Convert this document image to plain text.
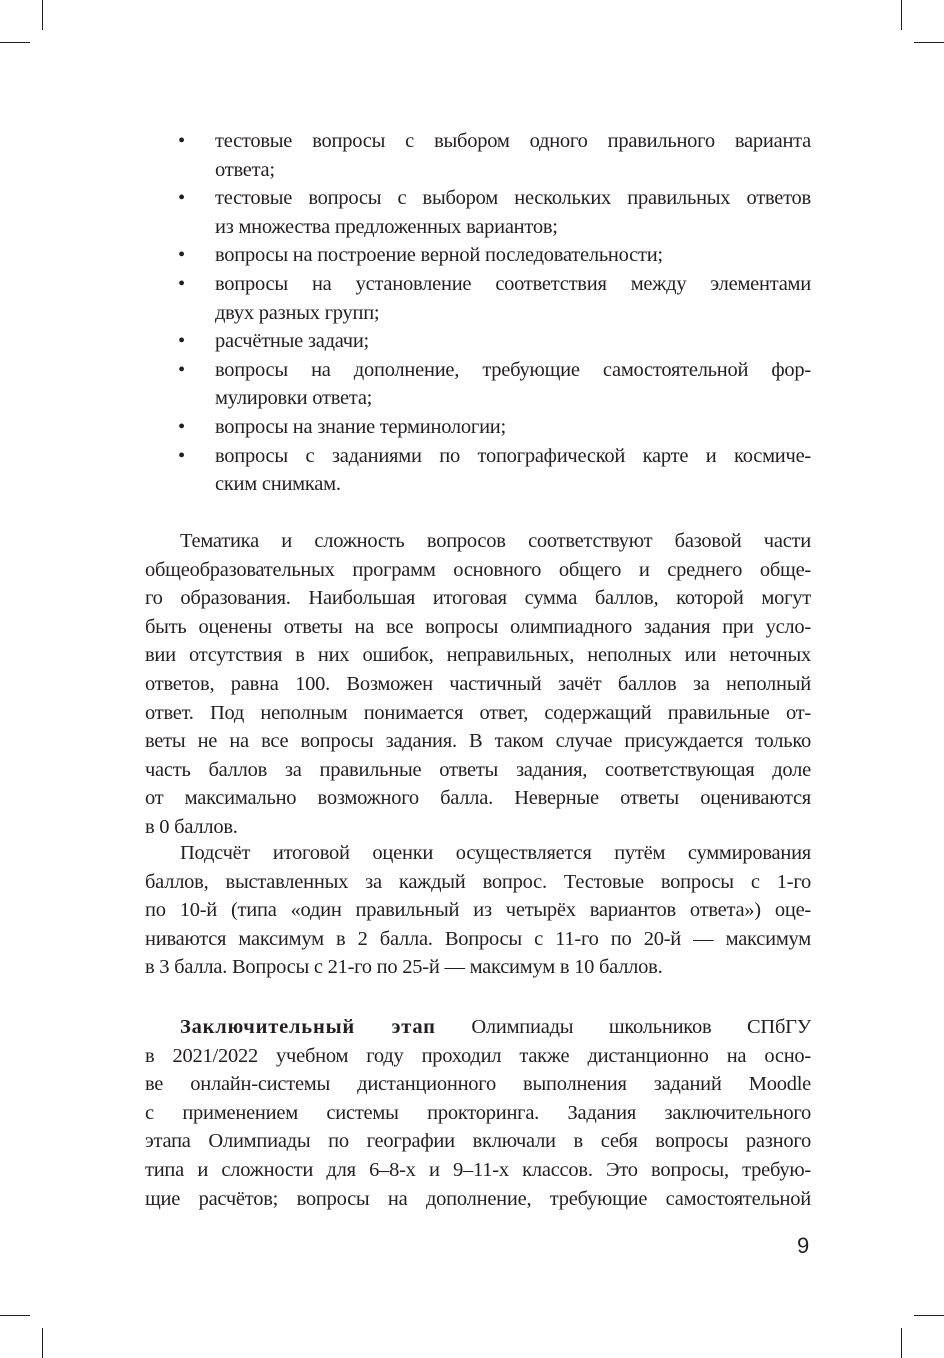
• тестовые вопросы с выбором одного правильного варианта
ответа;
• тестовые вопросы с выбором нескольких правильных ответов
из множества предложенных вариантов;
• вопросы на построение верной последовательности;
• вопросы на установление соответствия между элементами
двух разных групп;
• расчётные задачи;
• вопросы на дополнение, требующие самостоятельной фор-
мулировки ответа;
• вопросы на знание терминологии;
• вопросы с заданиями по топографической карте и космиче-
ским снимкам.
Тематика и сложность вопросов соответствуют базовой части
общеобразовательных программ основного общего и среднего обще-
го образования. Наибольшая итоговая сумма баллов, которой могут
быть оценены ответы на все вопросы олимпиадного задания при усло-
вии отсутствия в них ошибок, неправильных, неполных или неточных
ответов, равна 100. Возможен частичный зачёт баллов за неполный
ответ. Под неполным понимается ответ, содержащий правильные от-
веты не на все вопросы задания. В таком случае присуждается только
часть баллов за правильные ответы задания, соответствующая доле
от максимально возможного балла. Неверные ответы оцениваются
в 0 баллов.
Подсчёт итоговой оценки осуществляется путём суммирования
баллов, выставленных за каждый вопрос. Тестовые вопросы с 1-го
по 10-й (типа «один правильный из четырёх вариантов ответа») оце-
ниваются максимум в 2 балла. Вопросы с 11-го по 20-й — максимум
в 3 балла. Вопросы с 21-го по 25-й — максимум в 10 баллов.
Заключительный этап Олимпиады школьников СПбГУ
в 2021/2022 учебном году проходил также дистанционно на осно-
ве онлайн-системы дистанционного выполнения заданий Moodle
с применением системы прокторинга. Задания заключительного
этапа Олимпиады по географии включали в себя вопросы разного
типа и сложности для 6–8-х и 9–11-х классов. Это вопросы, требую-
щие расчётов; вопросы на дополнение, требующие самостоятельной
9
